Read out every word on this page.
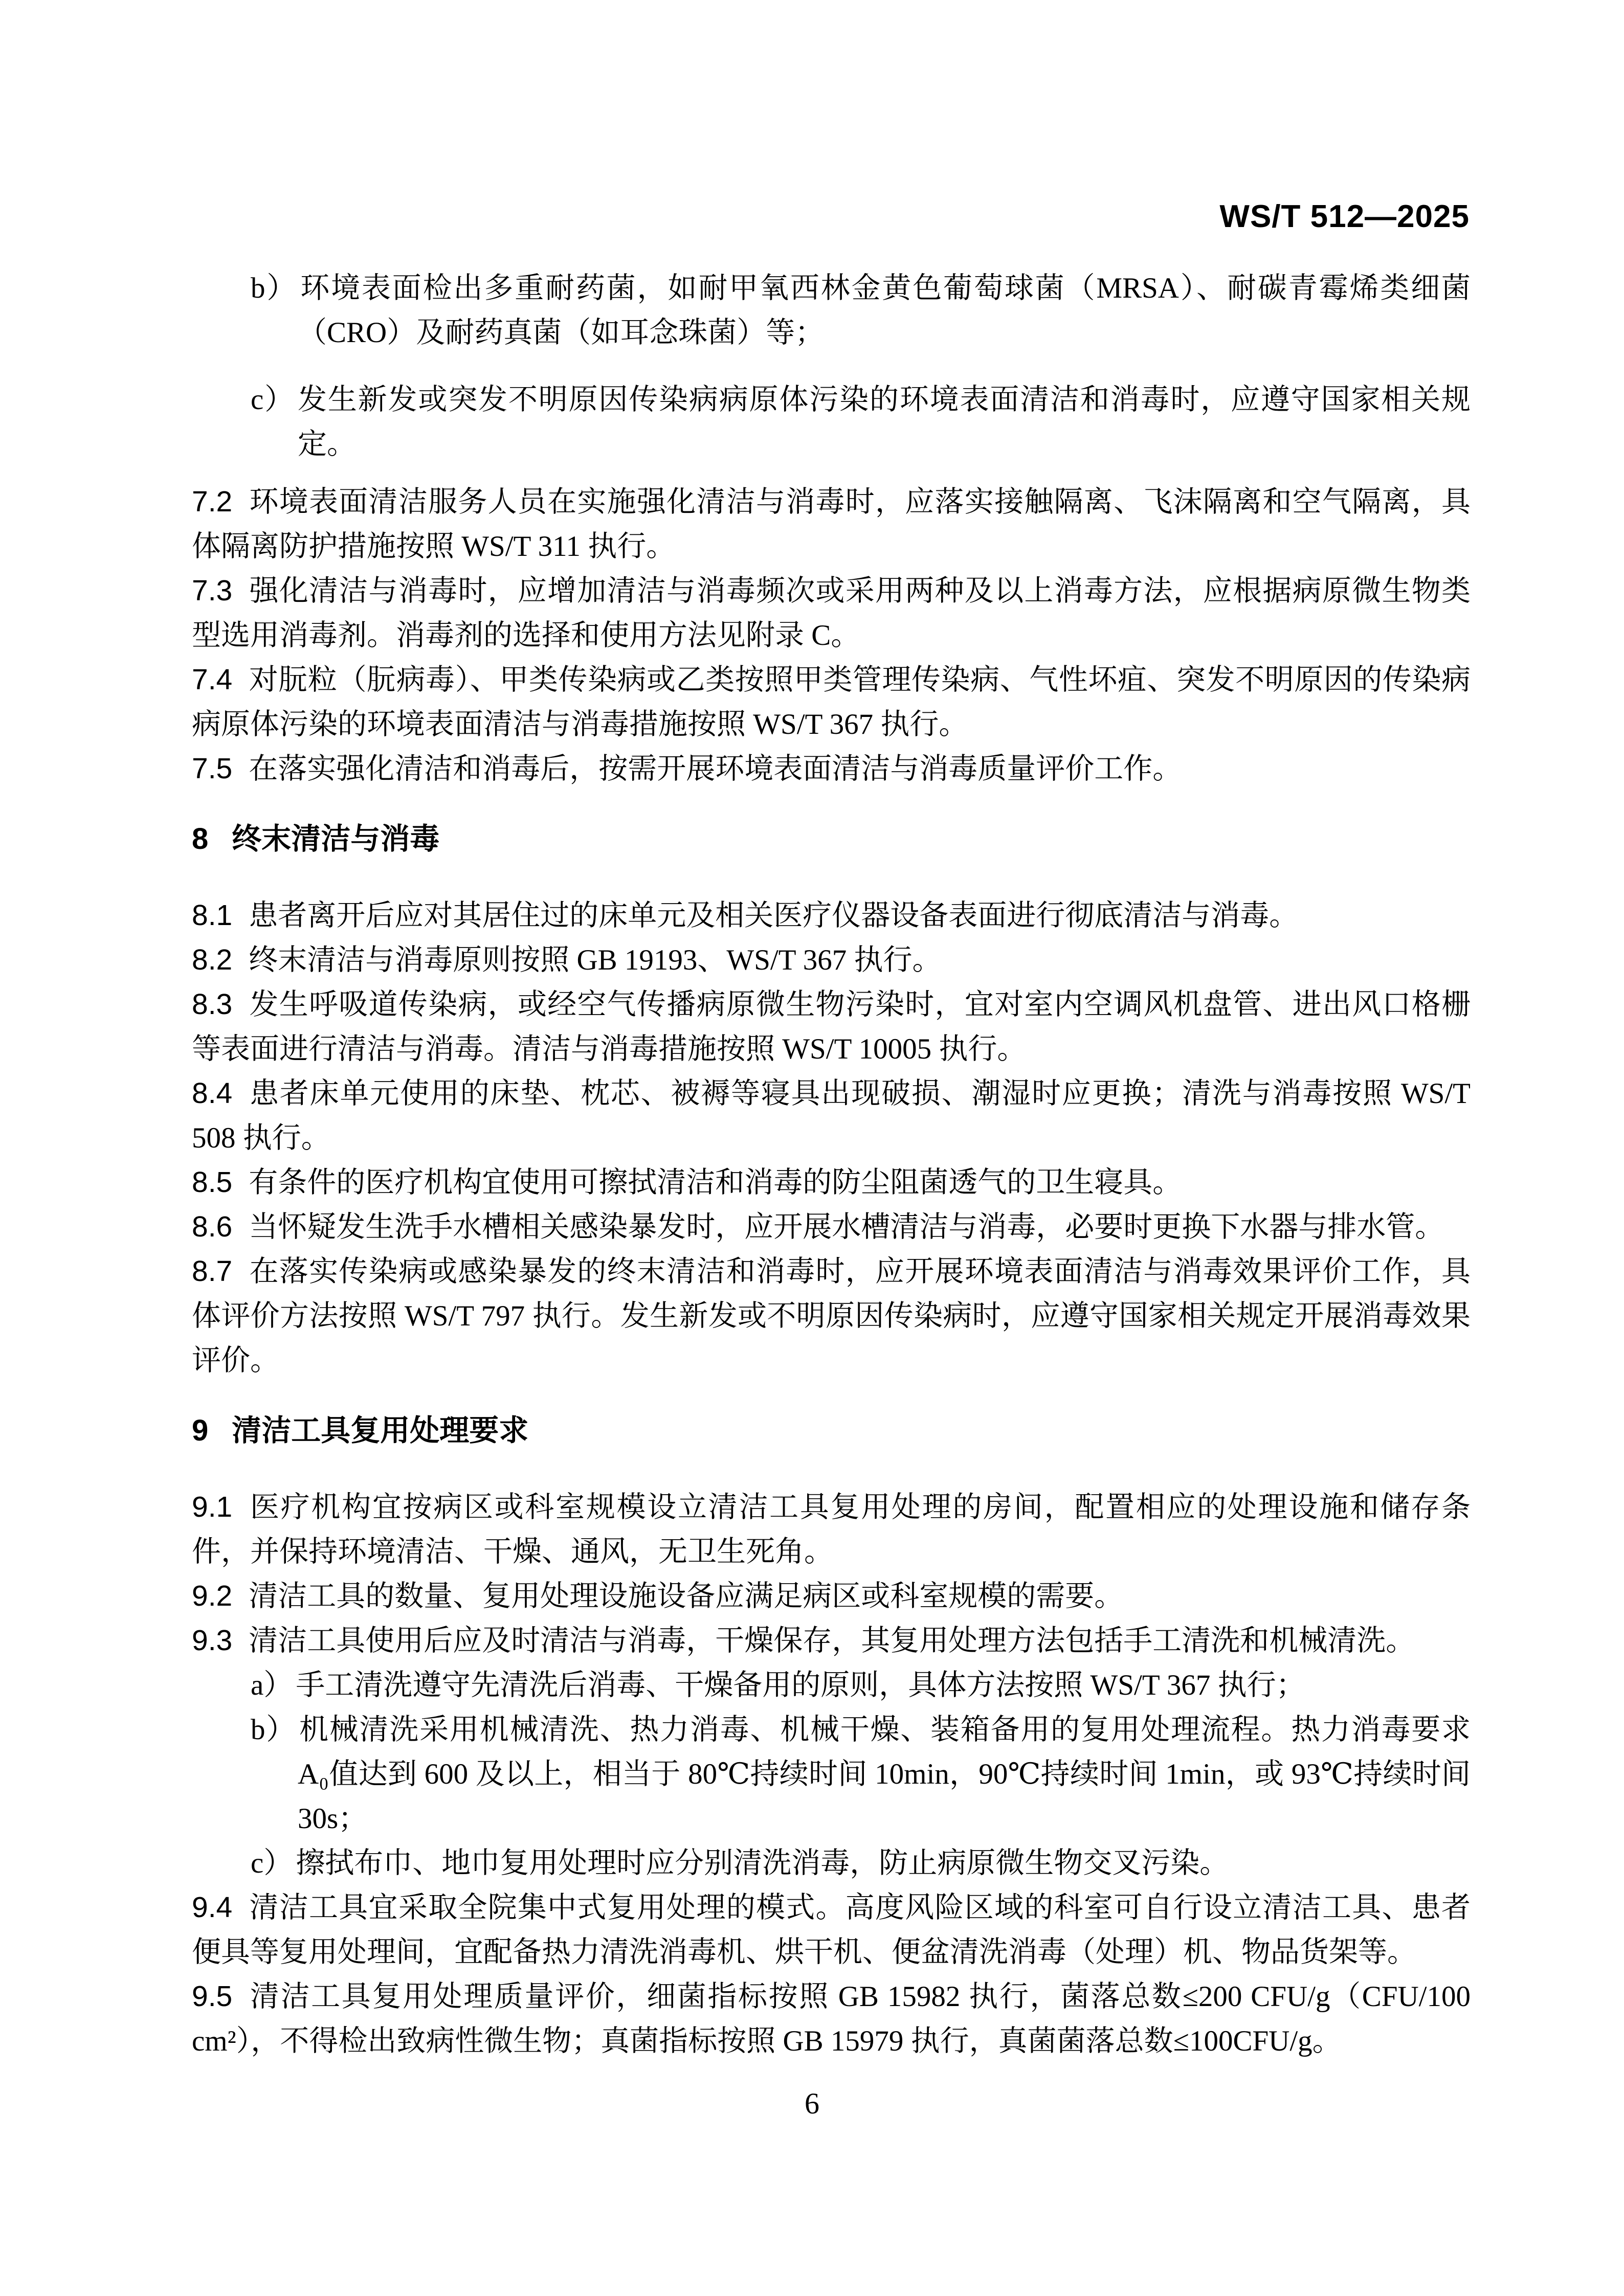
WS/T 512—2025

b） 环境表面检出多重耐药菌，如耐甲氧西林金黄色葡萄球菌（MRSA）、耐碳青霉烯类细菌（CRO）及耐药真菌（如耳念珠菌）等；

c） 发生新发或突发不明原因传染病病原体污染的环境表面清洁和消毒时，应遵守国家相关规定。

7.2 环境表面清洁服务人员在实施强化清洁与消毒时，应落实接触隔离、飞沫隔离和空气隔离，具体隔离防护措施按照 WS/T 311 执行。

7.3 强化清洁与消毒时，应增加清洁与消毒频次或采用两种及以上消毒方法，应根据病原微生物类型选用消毒剂。消毒剂的选择和使用方法见附录 C。

7.4 对朊粒（朊病毒）、甲类传染病或乙类按照甲类管理传染病、气性坏疽、突发不明原因的传染病病原体污染的环境表面清洁与消毒措施按照 WS/T 367 执行。

7.5 在落实强化清洁和消毒后，按需开展环境表面清洁与消毒质量评价工作。

8 终末清洁与消毒

8.1 患者离开后应对其居住过的床单元及相关医疗仪器设备表面进行彻底清洁与消毒。

8.2 终末清洁与消毒原则按照 GB 19193、WS/T 367 执行。

8.3 发生呼吸道传染病，或经空气传播病原微生物污染时，宜对室内空调风机盘管、进出风口格栅等表面进行清洁与消毒。清洁与消毒措施按照 WS/T 10005 执行。

8.4 患者床单元使用的床垫、枕芯、被褥等寝具出现破损、潮湿时应更换；清洗与消毒按照 WS/T 508 执行。

8.5 有条件的医疗机构宜使用可擦拭清洁和消毒的防尘阻菌透气的卫生寝具。

8.6 当怀疑发生洗手水槽相关感染暴发时，应开展水槽清洁与消毒，必要时更换下水器与排水管。

8.7 在落实传染病或感染暴发的终末清洁和消毒时，应开展环境表面清洁与消毒效果评价工作，具体评价方法按照 WS/T 797 执行。发生新发或不明原因传染病时，应遵守国家相关规定开展消毒效果评价。

9 清洁工具复用处理要求

9.1 医疗机构宜按病区或科室规模设立清洁工具复用处理的房间，配置相应的处理设施和储存条件，并保持环境清洁、干燥、通风，无卫生死角。

9.2 清洁工具的数量、复用处理设施设备应满足病区或科室规模的需要。

9.3 清洁工具使用后应及时清洁与消毒，干燥保存，其复用处理方法包括手工清洗和机械清洗。

a） 手工清洗遵守先清洗后消毒、干燥备用的原则，具体方法按照 WS/T 367 执行；

b） 机械清洗采用机械清洗、热力消毒、机械干燥、装箱备用的复用处理流程。热力消毒要求 A₀值达到 600 及以上，相当于 80℃持续时间 10min，90℃持续时间 1min，或 93℃持续时间 30s；

c） 擦拭布巾、地巾复用处理时应分别清洗消毒，防止病原微生物交叉污染。

9.4 清洁工具宜采取全院集中式复用处理的模式。高度风险区域的科室可自行设立清洁工具、患者便具等复用处理间，宜配备热力清洗消毒机、烘干机、便盆清洗消毒（处理）机、物品货架等。

9.5 清洁工具复用处理质量评价，细菌指标按照 GB 15982 执行，菌落总数≤200 CFU/g（CFU/100 cm²），不得检出致病性微生物；真菌指标按照 GB 15979 执行，真菌菌落总数≤100CFU/g。

6
